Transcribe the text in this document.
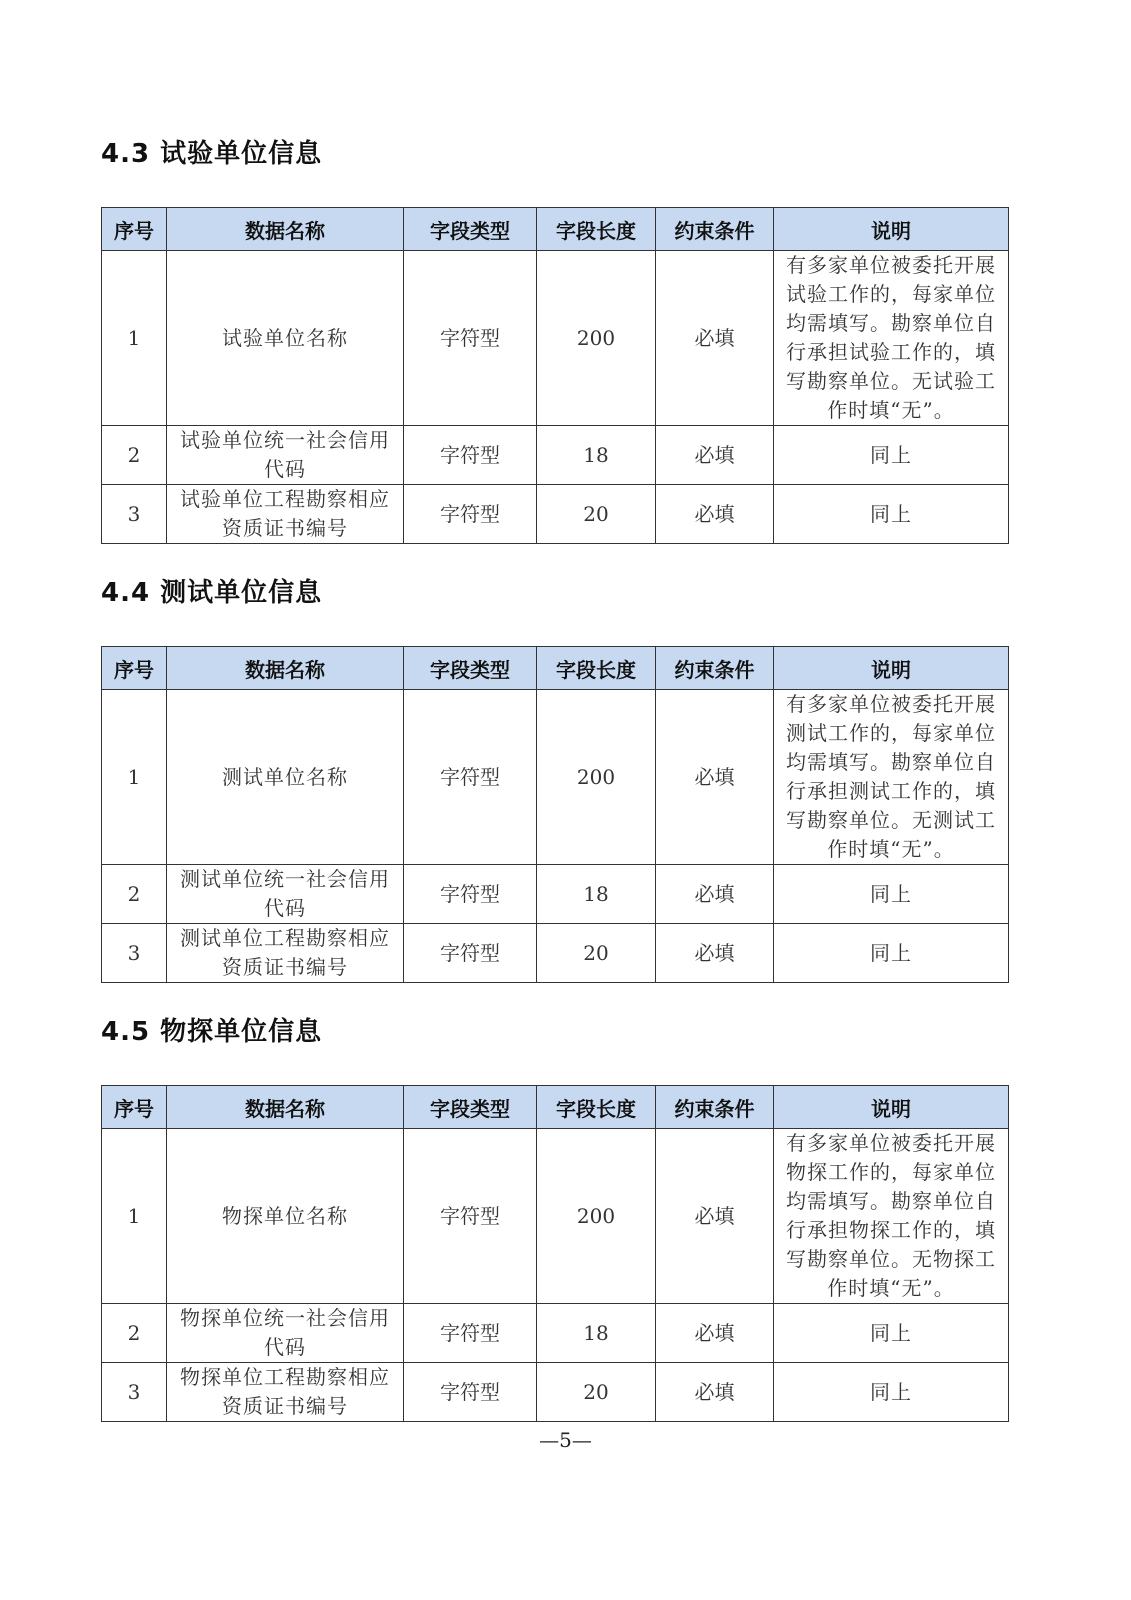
4.3 试验单位信息
序号	数据名称	字段类型	字段长度	约束条件	说明
1	试验单位名称	字符型	200	必填	有多家单位被委托开展试验工作的，每家单位均需填写。勘察单位自行承担试验工作的，填写勘察单位。无试验工作时填“无”。
2	试验单位统一社会信用代码	字符型	18	必填	同上
3	试验单位工程勘察相应资质证书编号	字符型	20	必填	同上
4.4 测试单位信息
序号	数据名称	字段类型	字段长度	约束条件	说明
1	测试单位名称	字符型	200	必填	有多家单位被委托开展测试工作的，每家单位均需填写。勘察单位自行承担测试工作的，填写勘察单位。无测试工作时填“无”。
2	测试单位统一社会信用代码	字符型	18	必填	同上
3	测试单位工程勘察相应资质证书编号	字符型	20	必填	同上
4.5 物探单位信息
序号	数据名称	字段类型	字段长度	约束条件	说明
1	物探单位名称	字符型	200	必填	有多家单位被委托开展物探工作的，每家单位均需填写。勘察单位自行承担物探工作的，填写勘察单位。无物探工作时填“无”。
2	物探单位统一社会信用代码	字符型	18	必填	同上
3	物探单位工程勘察相应资质证书编号	字符型	20	必填	同上
—5—
